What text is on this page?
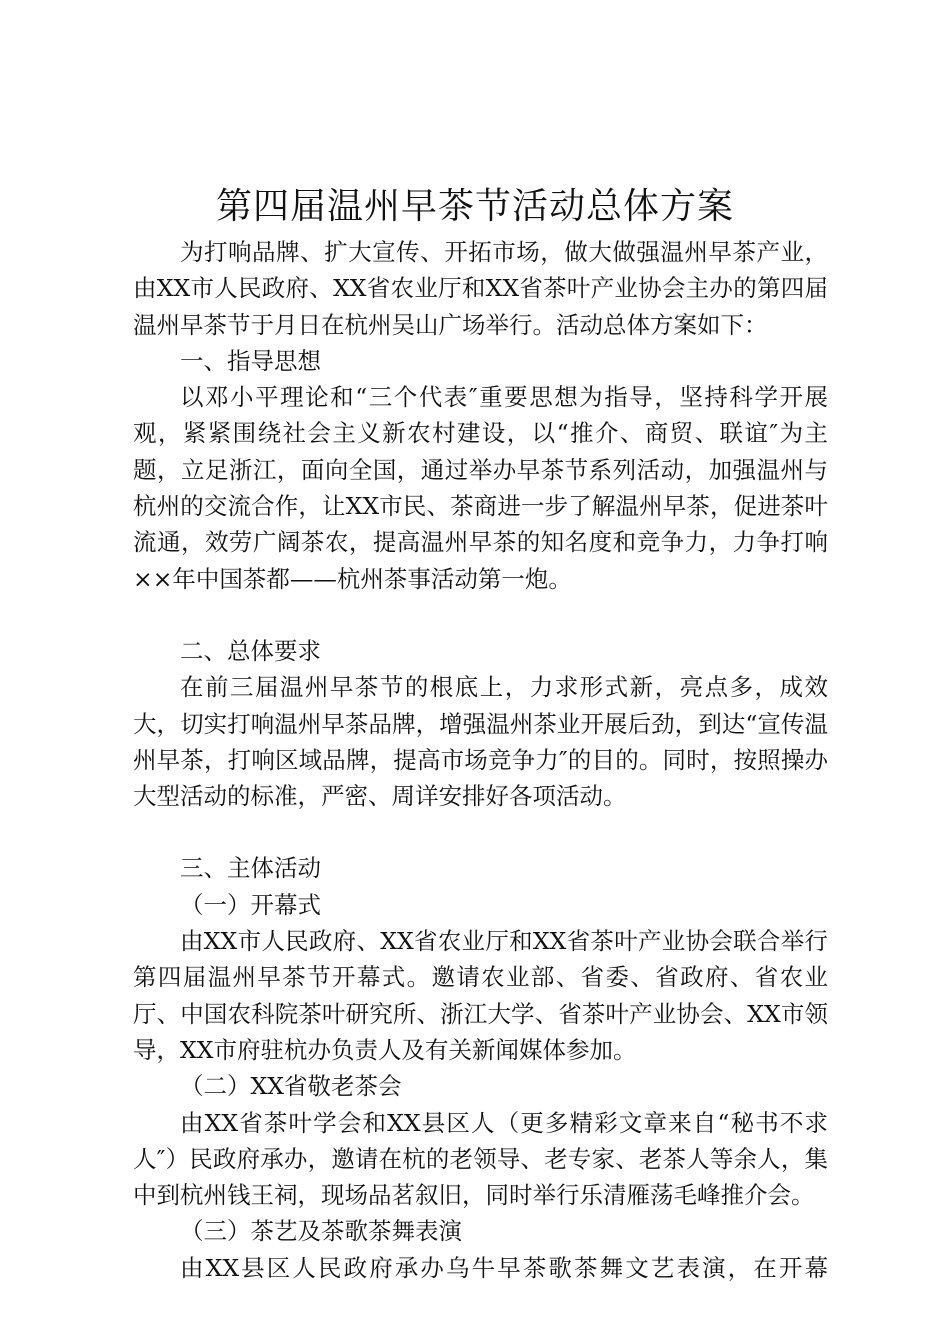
第四届温州早茶节活动总体方案

为打响品牌、扩大宣传、开拓市场，做大做强温州早茶产业，由XX市人民政府、XX省农业厅和XX省茶叶产业协会主办的第四届温州早茶节于月日在杭州吴山广场举行。活动总体方案如下：

一、指导思想

以邓小平理论和“三个代表″重要思想为指导，坚持科学开展观，紧紧围绕社会主义新农村建设，以“推介、商贸、联谊″为主题，立足浙江，面向全国，通过举办早茶节系列活动，加强温州与杭州的交流合作，让XX市民、茶商进一步了解温州早茶，促进茶叶流通，效劳广阔茶农，提高温州早茶的知名度和竞争力，力争打响××年中国茶都——杭州茶事活动第一炮。

二、总体要求

在前三届温州早茶节的根底上，力求形式新，亮点多，成效大，切实打响温州早茶品牌，增强温州茶业开展后劲，到达“宣传温州早茶，打响区域品牌，提高市场竞争力″的目的。同时，按照操办大型活动的标准，严密、周详安排好各项活动。

三、主体活动

（一）开幕式

由XX市人民政府、XX省农业厅和XX省茶叶产业协会联合举行第四届温州早茶节开幕式。邀请农业部、省委、省政府、省农业厅、中国农科院茶叶研究所、浙江大学、省茶叶产业协会、XX市领导，XX市府驻杭办负责人及有关新闻媒体参加。

（二）XX省敬老茶会

由XX省茶叶学会和XX县区人（更多精彩文章来自“秘书不求人″）民政府承办，邀请在杭的老领导、老专家、老茶人等余人，集中到杭州钱王祠，现场品茗叙旧，同时举行乐清雁荡毛峰推介会。

（三）茶艺及茶歌茶舞表演

由XX县区人民政府承办乌牛早茶歌茶舞文艺表演，在开幕
